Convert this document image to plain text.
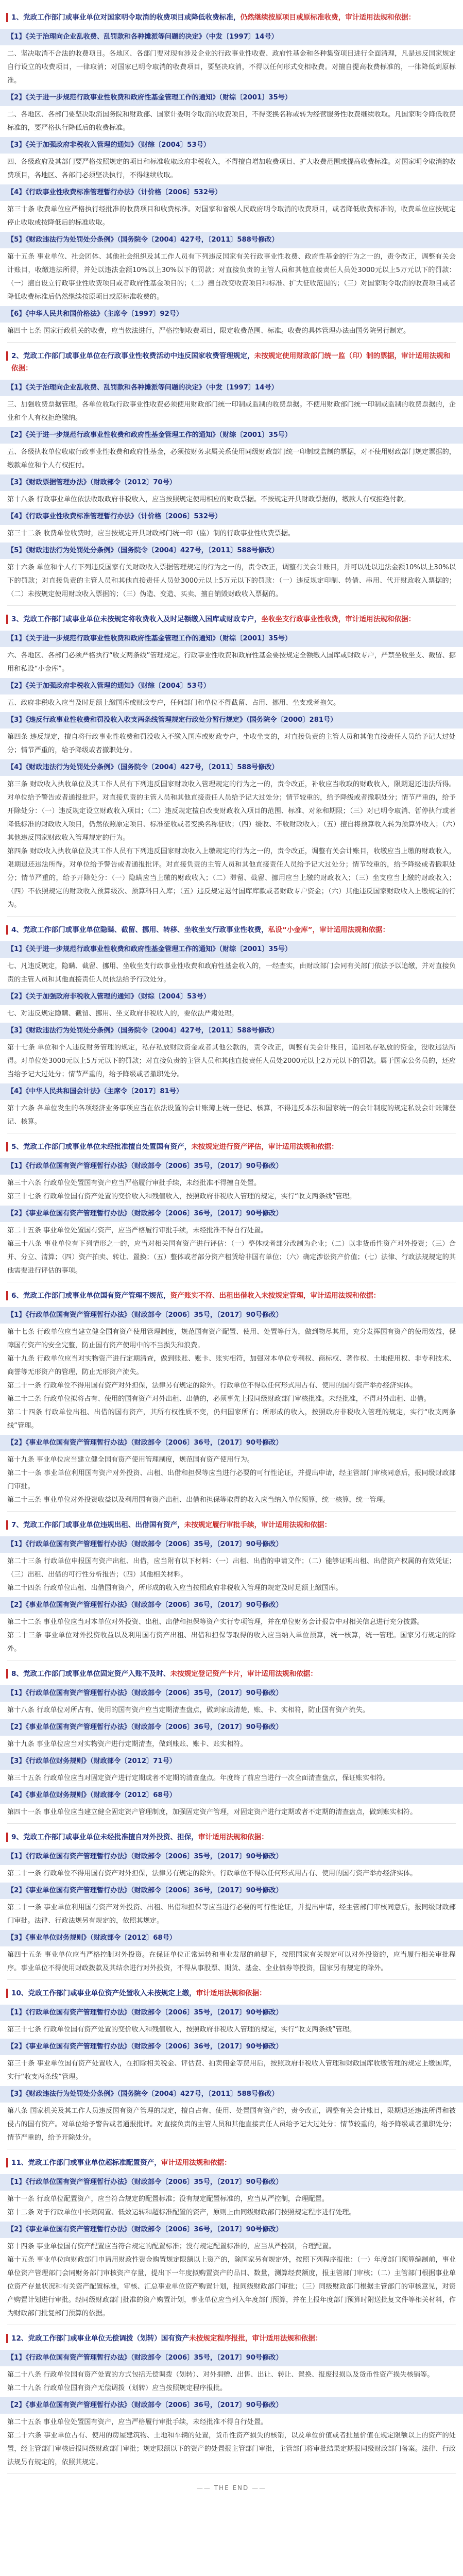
1、党政工作部门或事业单位对国家明令取消的收费项目或降低收费标准，仍然继续按原项目或原标准收费，审计适用法规和依据：
【1】《关于治理向企业乱收费、乱罚款和各种摊派等问题的决定》（中发〔1997〕14号）
二、坚决取消不合法的收费项目。各地区、各部门要对现有涉及企业的行政事业性收费、政府性基金和各种集资项目进行全面清理，凡是违反国家规定自行设立的收费项目，一律取消；对国家已明令取消的收费项目，要坚决取消，不得以任何形式变相收费。对擅自提高收费标准的，一律降低到原标准。
【2】《关于进一步规范行政事业性收费和政府性基金管理工作的通知》（财综〔2001〕35号）
二、各地区、各部门要坚决取消国务院和财政部、国家计委明令取消的收费项目，不得变换名称或转为经营服务性收费继续收取。凡国家明令降低收费标准的，要严格执行降低后的收费标准。
【3】《关于加强政府非税收入管理的通知》（财综〔2004〕53号）
四、各级政府及其部门要严格按照规定的项目和标准收取政府非税收入，不得擅自增加收费项目、扩大收费范围或提高收费标准。对国家明令取消的收费项目，各地区、各部门必须坚决执行，不得继续收取。
【4】《行政事业性收费标准管理暂行办法》（计价格〔2006〕532号）
第三十条 收费单位应严格执行经批准的收费项目和收费标准。对国家和省级人民政府明令取消的收费项目，或者降低收费标准的，收费单位应按规定停止收取或按降低后的标准收取。
【5】《财政违法行为处罚处分条例》（国务院令〔2004〕427号，〔2011〕588号修改）
第十五条 事业单位、社会团体、其他社会组织及其工作人员有下列违反国家有关行政事业性收费、政府性基金的行为之一的，责令改正，调整有关会计账目，收缴违法所得，并处以违法金额10%以上30%以下的罚款；对直接负责的主管人员和其他直接责任人员处3000元以上5万元以下的罚款：（一）擅自设立行政事业性收费项目或者政府性基金项目的；（二）擅自改变收费项目和标准、扩大征收范围的；（三）对国家明令取消的收费项目或者降低收费标准后仍然继续按原项目或原标准收费的。
【6】《中华人民共和国价格法》（主席令〔1997〕92号）
第四十七条 国家行政机关的收费，应当依法进行，严格控制收费项目，限定收费范围、标准。收费的具体管理办法由国务院另行制定。
2、党政工作部门或事业单位在行政事业性收费活动中违反国家收费管理规定，未按规定使用财政部门统一监（印）制的票据，审计适用法规和依据：
【1】《关于治理向企业乱收费、乱罚款和各种摊派等问题的决定》（中发〔1997〕14号）
三、加强收费票据管理。各单位收取行政事业性收费必须使用财政部门统一印制或监制的收费票据。不使用财政部门统一印制或监制的收费票据的，企业和个人有权拒绝缴纳。
【2】《关于进一步规范行政事业性收费和政府性基金管理工作的通知》（财综〔2001〕35号）
五、各级执收单位收取行政事业性收费和政府性基金，必须按财务隶属关系使用同级财政部门统一印制或监制的票据，对不使用财政部门规定票据的，缴款单位和个人有权拒付。
【3】《财政票据管理办法》（财政部令〔2012〕70号）
第十八条 行政事业单位依法收取政府非税收入，应当按照规定使用相应的财政票据。不按规定开具财政票据的，缴款人有权拒绝付款。
【4】《行政事业性收费标准管理暂行办法》（计价格〔2006〕532号）
第三十二条 收费单位收费时，应当按规定开具财政部门统一印（监）制的行政事业性收费票据。
【5】《财政违法行为处罚处分条例》（国务院令〔2004〕427号，〔2011〕588号修改）
第十六条 单位和个人有下列违反国家有关财政收入票据管理规定的行为之一的，责令改正，调整有关会计账目，并可以处以违法金额10%以上30%以下的罚款；对直接负责的主管人员和其他直接责任人员处3000元以上5万元以下的罚款：（一）违反规定印制、转借、串用、代开财政收入票据的；（二）未按规定使用财政收入票据的；（三）伪造、变造、买卖、擅自销毁财政收入票据的。
3、党政工作部门或事业单位未按规定将收费收入及时足额缴入国库或财政专户，坐收坐支行政事业性收费，审计适用法规和依据：
【1】《关于进一步规范行政事业性收费和政府性基金管理工作的通知》（财综〔2001〕35号）
六、各地区、各部门必须严格执行“收支两条线”管理规定。行政事业性收费和政府性基金要按规定全额缴入国库或财政专户，严禁坐收坐支、截留、挪用和私设“小金库”。
【2】《关于加强政府非税收入管理的通知》（财综〔2004〕53号）
五、政府非税收入应当及时足额上缴国库或财政专户，任何部门和单位不得截留、占用、挪用、坐支或者拖欠。
【3】《违反行政事业性收费和罚没收入收支两条线管理规定行政处分暂行规定》（国务院令〔2000〕281号）
第四条 违反规定，擅自将行政事业性收费和罚没收入不缴入国库或财政专户，坐收坐支的，对直接负责的主管人员和其他直接责任人员给予记大过处分；情节严重的，给予降级或者撤职处分。
【4】《财政违法行为处罚处分条例》（国务院令〔2004〕427号，〔2011〕588号修改）
第三条 财政收入执收单位及其工作人员有下列违反国家财政收入管理规定的行为之一的，责令改正，补收应当收取的财政收入，限期退还违法所得。对单位给予警告或者通报批评。对直接负责的主管人员和其他直接责任人员给予记大过处分；情节较重的，给予降级或者撤职处分；情节严重的，给予开除处分：（一）违反规定设立财政收入项目；（二）违反规定擅自改变财政收入项目的范围、标准、对象和期限；（三）对已明令取消、暂停执行或者降低标准的财政收入项目，仍然依照原定项目、标准征收或者变换名称征收；（四）缓收、不收财政收入；（五）擅自将预算收入转为预算外收入；（六）其他违反国家财政收入管理规定的行为。
第四条 财政收入执收单位及其工作人员有下列违反国家财政收入上缴规定的行为之一的，责令改正，调整有关会计账目，收缴应当上缴的财政收入，限期退还违法所得。对单位给予警告或者通报批评。对直接负责的主管人员和其他直接责任人员给予记大过处分；情节较重的，给予降级或者撤职处分；情节严重的，给予开除处分：（一）隐瞒应当上缴的财政收入；（二）滞留、截留、挪用应当上缴的财政收入；（三）坐支应当上缴的财政收入；（四）不依照规定的财政收入预算级次、预算科目入库；（五）违反规定退付国库库款或者财政专户资金；（六）其他违反国家财政收入上缴规定的行为。
4、党政工作部门或事业单位隐瞒、截留、挪用、转移、坐收坐支行政事业性收费，私设“小金库”，审计适用法规和依据：
【1】《关于进一步规范行政事业性收费和政府性基金管理工作的通知》（财综〔2001〕35号）
七、凡违反规定，隐瞒、截留、挪用、坐收坐支行政事业性收费和政府性基金收入的，一经查实，由财政部门会同有关部门依法予以追缴，并对直接负责的主管人员和其他直接责任人员依法给予行政处分。
【2】《关于加强政府非税收入管理的通知》（财综〔2004〕53号）
七、对违反规定隐瞒、截留、挪用、坐支政府非税收入的，要依法严肃处理。
【3】《财政违法行为处罚处分条例》（国务院令〔2004〕427号，〔2011〕588号修改）
第十七条 单位和个人违反财务管理的规定，私存私放财政资金或者其他公款的，责令改正，调整有关会计账目，追回私存私放的资金，没收违法所得。对单位处3000元以上5万元以下的罚款；对直接负责的主管人员和其他直接责任人员处2000元以上2万元以下的罚款。属于国家公务员的，还应当给予记大过处分；情节严重的，给予降级或者撤职处分。
【4】《中华人民共和国会计法》（主席令〔2017〕81号）
第十六条 各单位发生的各项经济业务事项应当在依法设置的会计账簿上统一登记、核算，不得违反本法和国家统一的会计制度的规定私设会计账簿登记、核算。
5、党政工作部门或事业单位未经批准擅自处置国有资产，未按规定进行资产评估，审计适用法规和依据：
【1】《行政单位国有资产管理暂行办法》（财政部令〔2006〕35号，〔2017〕90号修改）
第三十六条 行政单位处置国有资产应当严格履行审批手续，未经批准不得擅自处置。
第三十七条 行政单位国有资产处置的变价收入和残值收入，按照政府非税收入管理的规定，实行“收支两条线”管理。
【2】《事业单位国有资产管理暂行办法》（财政部令〔2006〕36号，〔2017〕90号修改）
第二十五条 事业单位处置国有资产，应当严格履行审批手续，未经批准不得自行处置。
第三十八条 事业单位有下列情形之一的，应当对相关国有资产进行评估：（一）整体或者部分改制为企业；（二）以非货币性资产对外投资；（三）合并、分立、清算；（四）资产拍卖、转让、置换；（五）整体或者部分资产租赁给非国有单位；（六）确定涉讼资产价值；（七）法律、行政法规规定的其他需要进行评估的事项。
6、党政工作部门或事业单位国有资产管理不规范，资产账实不符、出租出借收入未按规定管理，审计适用法规和依据：
【1】《行政单位国有资产管理暂行办法》（财政部令〔2006〕35号，〔2017〕90号修改）
第十七条 行政单位应当建立健全国有资产使用管理制度，规范国有资产配置、使用、处置等行为，做到物尽其用，充分发挥国有资产的使用效益，保障国有资产的安全完整，防止国有资产使用中的不当损失和浪费。
第十九条 行政单位应当对实物资产进行定期清查，做到账账、账卡、账实相符，加强对本单位专利权、商标权、著作权、土地使用权、非专利技术、商誉等无形资产的管理，防止无形资产流失。
第二十一条 行政单位不得用国有资产对外担保，法律另有规定的除外。行政单位不得以任何形式用占有、使用的国有资产举办经济实体。
第二十二条 行政单位拟将占有、使用的国有资产对外出租、出借的，必须事先上报同级财政部门审核批准。未经批准，不得对外出租、出借。
第二十四条 行政单位出租、出借的国有资产，其所有权性质不变，仍归国家所有；所形成的收入，按照政府非税收入管理的规定，实行“收支两条线”管理。
【2】《事业单位国有资产管理暂行办法》（财政部令〔2006〕36号，〔2017〕90号修改）
第十九条 事业单位应当建立健全国有资产使用管理制度，规范国有资产使用行为。
第二十一条 事业单位利用国有资产对外投资、出租、出借和担保等应当进行必要的可行性论证，并提出申请，经主管部门审核同意后，报同级财政部门审批。
第二十三条 事业单位对外投资收益以及利用国有资产出租、出借和担保等取得的收入应当纳入单位预算，统一核算，统一管理。
7、党政工作部门或事业单位违规出租、出借国有资产，未按规定履行审批手续，审计适用法规和依据：
【1】《行政单位国有资产管理暂行办法》（财政部令〔2006〕35号，〔2017〕90号修改）
第二十三条 行政单位申报国有资产出租、出借，应当附有以下材料：（一）出租、出借的申请文件；（二）能够证明出租、出借资产权属的有效凭证；（三）出租、出借的可行性分析报告；（四）其他相关材料。
第二十四条 行政单位出租、出借国有资产，所形成的收入应当按照政府非税收入管理的规定及时足额上缴国库。
【2】《事业单位国有资产管理暂行办法》（财政部令〔2006〕36号，〔2017〕90号修改）
第二十二条 事业单位应当对本单位对外投资、出租、出借和担保等资产实行专项管理，并在单位财务会计报告中对相关信息进行充分披露。
第二十三条 事业单位对外投资收益以及利用国有资产出租、出借和担保等取得的收入应当纳入单位预算，统一核算，统一管理。国家另有规定的除外。
8、党政工作部门或事业单位固定资产入账不及时、未按规定登记资产卡片，审计适用法规和依据：
【1】《行政单位国有资产管理暂行办法》（财政部令〔2006〕35号，〔2017〕90号修改）
第十八条 行政单位对所占有、使用的国有资产应当定期清查盘点，做到家底清楚，账、卡、实相符，防止国有资产流失。
【2】《事业单位国有资产管理暂行办法》（财政部令〔2006〕36号，〔2017〕90号修改）
第十九条 事业单位应当对实物资产进行定期清查，做到账账、账卡、账实相符。
【3】《行政单位财务规则》（财政部令〔2012〕71号）
第三十五条 行政单位应当对固定资产进行定期或者不定期的清查盘点。年度终了前应当进行一次全面清查盘点，保证账实相符。
【4】《事业单位财务规则》（财政部令〔2012〕68号）
第四十一条 事业单位应当建立健全固定资产管理制度，加强固定资产管理，对固定资产进行定期或者不定期的清查盘点，做到账实相符。
9、党政工作部门或事业单位未经批准擅自对外投资、担保，审计适用法规和依据：
【1】《行政单位国有资产管理暂行办法》（财政部令〔2006〕35号，〔2017〕90号修改）
第二十一条 行政单位不得用国有资产对外担保，法律另有规定的除外。行政单位不得以任何形式用占有、使用的国有资产举办经济实体。
【2】《事业单位国有资产管理暂行办法》（财政部令〔2006〕36号，〔2017〕90号修改）
第二十一条 事业单位利用国有资产对外投资、出租、出借和担保等应当进行必要的可行性论证，并提出申请，经主管部门审核同意后，报同级财政部门审批。法律、行政法规另有规定的，依照其规定。
【3】《事业单位财务规则》（财政部令〔2012〕68号）
第四十五条 事业单位应当严格控制对外投资。在保证单位正常运转和事业发展的前提下，按照国家有关规定可以对外投资的，应当履行相关审批程序。事业单位不得使用财政拨款及其结余进行对外投资，不得从事股票、期货、基金、企业债券等投资，国家另有规定的除外。
10、党政工作部门或事业单位资产处置收入未按规定上缴，审计适用法规和依据：
【1】《行政单位国有资产管理暂行办法》（财政部令〔2006〕35号，〔2017〕90号修改）
第三十七条 行政单位国有资产处置的变价收入和残值收入，按照政府非税收入管理的规定，实行“收支两条线”管理。
【2】《事业单位国有资产管理暂行办法》（财政部令〔2006〕36号，〔2017〕90号修改）
第三十条 事业单位国有资产处置收入，在扣除相关税金、评估费、拍卖佣金等费用后，按照政府非税收入管理和财政国库收缴管理的规定上缴国库，实行“收支两条线”管理。
【3】《财政违法行为处罚处分条例》（国务院令〔2004〕427号，〔2011〕588号修改）
第八条 国家机关及其工作人员违反国有资产管理的规定，擅自占有、使用、处置国有资产的，责令改正，调整有关会计账目，限期退还违法所得和被侵占的国有资产。对单位给予警告或者通报批评。对直接负责的主管人员和其他直接责任人员给予记大过处分；情节较重的，给予降级或者撤职处分；情节严重的，给予开除处分。
11、党政工作部门或事业单位超标准配置资产，审计适用法规和依据：
【1】《行政单位国有资产管理暂行办法》（财政部令〔2006〕35号，〔2017〕90号修改）
第十一条 行政单位配置资产，应当符合规定的配置标准；没有规定配置标准的，应当从严控制，合理配置。
第十二条 对于行政单位中长期闲置、低效运转和超标准配置的资产，原则上由同级财政部门按照规定程序进行处理。
【2】《事业单位国有资产管理暂行办法》（财政部令〔2006〕36号，〔2017〕90号修改）
第十四条 事业单位国有资产配置应当符合规定的配置标准；没有规定配置标准的，应当从严控制，合理配置。
第十五条 事业单位向财政部门申请用财政性资金购置规定限额以上资产的，除国家另有规定外，按照下列程序报批：（一）年度部门预算编制前，事业单位资产管理部门会同财务部门审核资产存量，提出下一年度拟购置资产的品目、数量，测算经费额度，报主管部门审核；（二）主管部门根据事业单位资产存量状况和有关资产配置标准，审核、汇总事业单位资产购置计划，报同级财政部门审批；（三）同级财政部门根据主管部门的审核意见，对资产购置计划进行审批。经同级财政部门批准的资产购置计划，事业单位应当列入年度部门预算，并在上报年度部门预算时附送批复文件等相关材料，作为财政部门批复部门预算的依据。
12、党政工作部门或事业单位无偿调拨（划转）国有资产未按规定程序报批，审计适用法规和依据：
【1】《行政单位国有资产管理暂行办法》（财政部令〔2006〕35号，〔2017〕90号修改）
第二十八条 行政单位国有资产处置的方式包括无偿调拨（划转）、对外捐赠、出售、出让、转让、置换、报废报损以及货币性资产损失核销等。
第二十九条 行政单位国有资产无偿调拨（划转）应当按照规定程序报批。
【2】《事业单位国有资产管理暂行办法》（财政部令〔2006〕36号，〔2017〕90号修改）
第二十五条 事业单位处置国有资产，应当严格履行审批手续，未经批准不得自行处置。
第二十六条 事业单位占有、使用的房屋建筑物、土地和车辆的处置，货币性资产损失的核销，以及单位价值或者批量价值在规定限额以上的资产的处置，经主管部门审核后报同级财政部门审批；规定限额以下的资产的处置报主管部门审批，主管部门将审批结果定期报同级财政部门备案。法律、行政法规另有规定的，依照其规定。
—— THE END ——
